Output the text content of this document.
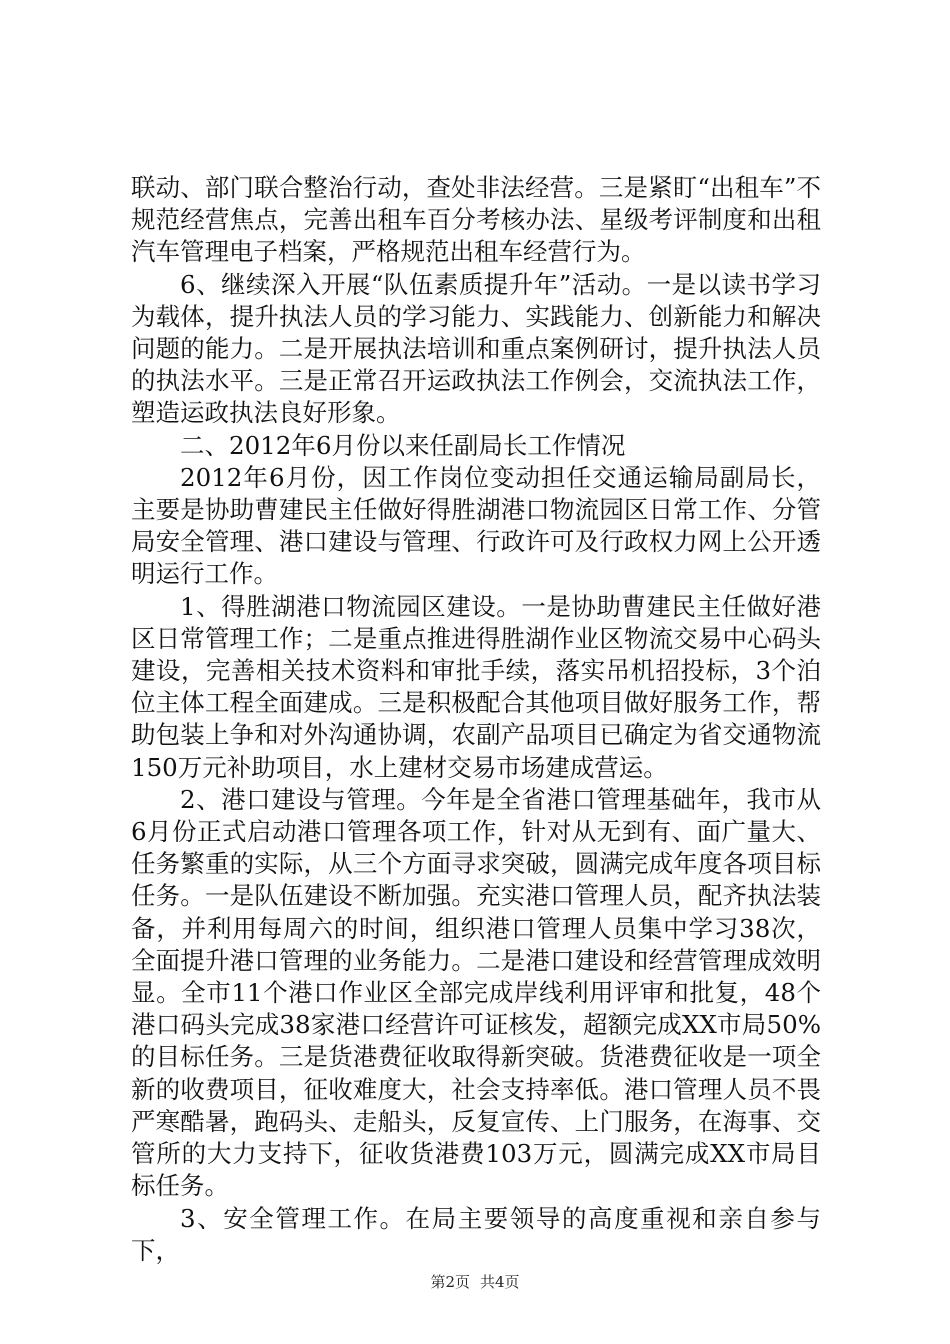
联动、部门联合整治行动，查处非法经营。三是紧盯“出租车”不规范经营焦点，完善出租车百分考核办法、星级考评制度和出租汽车管理电子档案，严格规范出租车经营行为。

6、继续深入开展“队伍素质提升年”活动。一是以读书学习为载体，提升执法人员的学习能力、实践能力、创新能力和解决问题的能力。二是开展执法培训和重点案例研讨，提升执法人员的执法水平。三是正常召开运政执法工作例会，交流执法工作，塑造运政执法良好形象。

二、2012年6月份以来任副局长工作情况

2012年6月份，因工作岗位变动担任交通运输局副局长，主要是协助曹建民主任做好得胜湖港口物流园区日常工作、分管局安全管理、港口建设与管理、行政许可及行政权力网上公开透明运行工作。

1、得胜湖港口物流园区建设。一是协助曹建民主任做好港区日常管理工作；二是重点推进得胜湖作业区物流交易中心码头建设，完善相关技术资料和审批手续，落实吊机招投标，3个泊位主体工程全面建成。三是积极配合其他项目做好服务工作，帮助包装上争和对外沟通协调，农副产品项目已确定为省交通物流150万元补助项目，水上建材交易市场建成营运。

2、港口建设与管理。今年是全省港口管理基础年，我市从6月份正式启动港口管理各项工作，针对从无到有、面广量大、任务繁重的实际，从三个方面寻求突破，圆满完成年度各项目标任务。一是队伍建设不断加强。充实港口管理人员，配齐执法装备，并利用每周六的时间，组织港口管理人员集中学习38次，全面提升港口管理的业务能力。二是港口建设和经营管理成效明显。全市11个港口作业区全部完成岸线利用评审和批复，48个港口码头完成38家港口经营许可证核发，超额完成XX市局50%的目标任务。三是货港费征收取得新突破。货港费征收是一项全新的收费项目，征收难度大，社会支持率低。港口管理人员不畏严寒酷暑，跑码头、走船头，反复宣传、上门服务，在海事、交管所的大力支持下，征收货港费103万元，圆满完成XX市局目标任务。

3、安全管理工作。在局主要领导的高度重视和亲自参与下，

第2页 共4页
